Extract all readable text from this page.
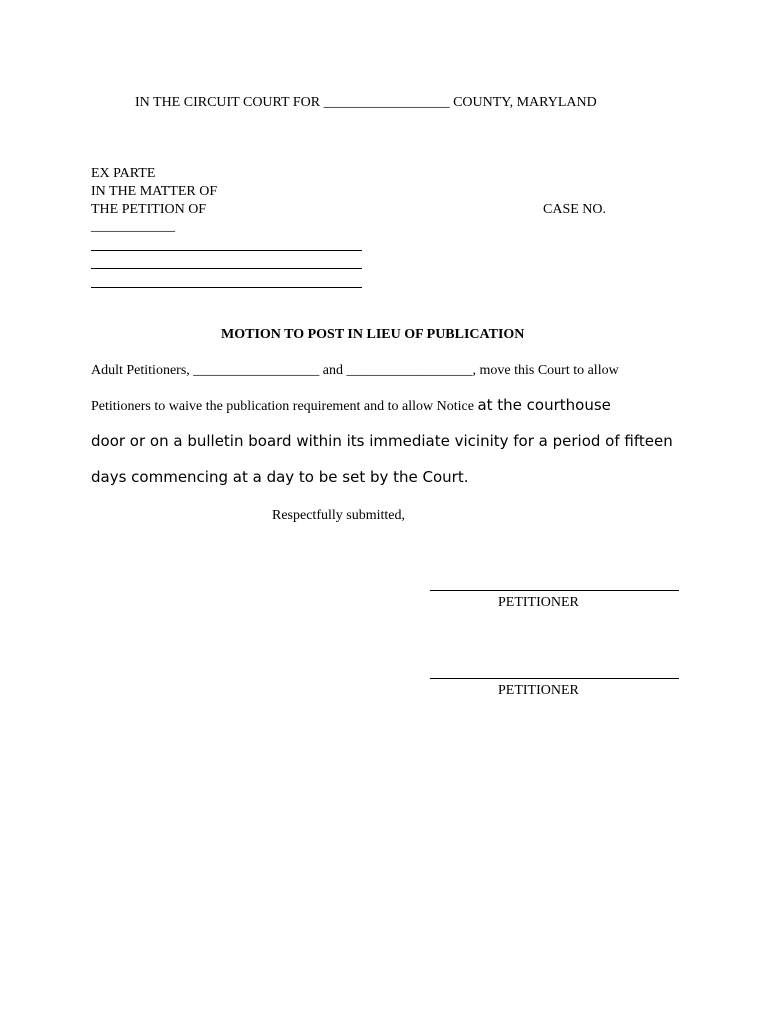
IN THE CIRCUIT COURT FOR __________________ COUNTY, MARYLAND
EX PARTE
IN THE MATTER OF
THE PETITION OF	CASE NO.
____________
MOTION TO POST IN LIEU OF PUBLICATION
Adult Petitioners, __________________ and __________________, move this Court to allow
Petitioners to waive the publication requirement and to allow Notice at the courthouse
door or on a bulletin board within its immediate vicinity for a period of fifteen
days commencing at a day to be set by the Court.
Respectfully submitted,
PETITIONER
PETITIONER
